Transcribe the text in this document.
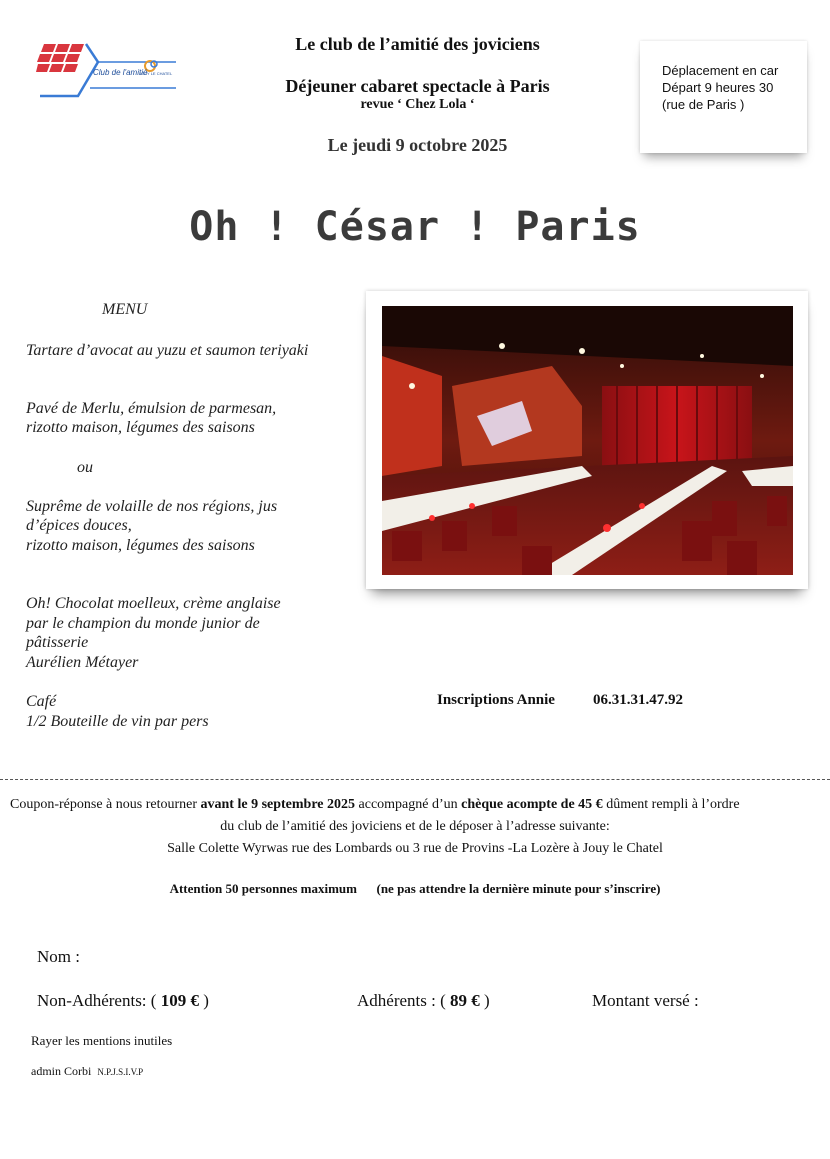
Club de l'amitié
JOUY LE CHATEL
Le club de l’amitié des joviciens
Déjeuner cabaret spectacle à Paris
revue ‘ Chez Lola ‘
Le jeudi 9 octobre 2025
Déplacement en car
Départ 9 heures 30
(rue de Paris )
Oh ! César ! Paris
MENU
Tartare d’avocat au yuzu et saumon teriyaki
Pavé de Merlu, émulsion de parmesan,
rizotto maison, légumes des saisons
ou
Suprême de volaille de nos régions, jus
d’épices douces,
rizotto maison, légumes des saisons
Oh! Chocolat moelleux, crème anglaise
par le champion du monde junior de
pâtisserie
Aurélien Métayer
Café
1/2 Bouteille de vin par pers
Inscriptions Annie	06.31.31.47.92
Coupon-réponse à nous retourner avant le 9 septembre 2025 accompagné d’un chèque acompte de 45 € dûment rempli à l’ordre
du club de l’amitié des joviciens et de le déposer à l’adresse suivante:
Salle Colette Wyrwas rue des Lombards ou 3 rue de Provins -La Lozère à Jouy le Chatel
Attention 50 personnes maximum (ne pas attendre la dernière minute pour s’inscrire)
Nom :
Non-Adhérents: ( 109 € )	Adhérents : ( 89 € )	Montant versé :
Rayer les mentions inutiles
admin Corbi N.P.J.S.I.V.P
